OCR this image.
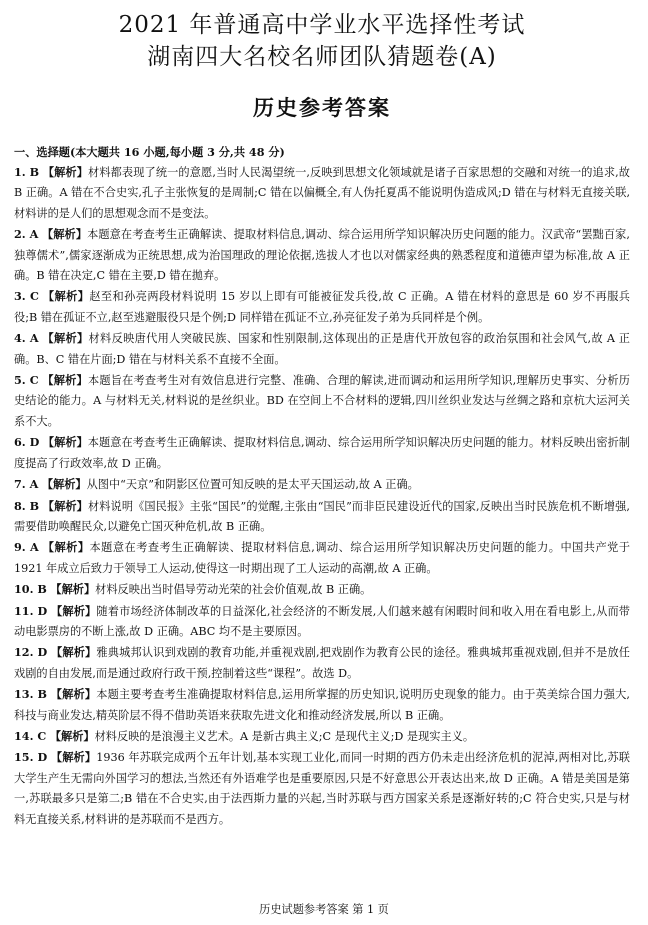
2021 年普通高中学业水平选择性考试
湖南四大名校名师团队猜题卷(A)
历史参考答案
一、选择题(本大题共 16 小题,每小题 3 分,共 48 分)
1. B 【解析】材料都表现了统一的意愿,当时人民渴望统一,反映到思想文化领域就是诸子百家思想的交融和对统一的追求,故 B 正确。A 错在不合史实,孔子主张恢复的是周制;C 错在以偏概全,有人伪托夏禹不能说明伪造成风;D 错在与材料无直接关联,材料讲的是人们的思想观念而不是变法。
2. A 【解析】本题意在考查考生正确解读、提取材料信息,调动、综合运用所学知识解决历史问题的能力。汉武帝“罢黜百家,独尊儒术”,儒家逐渐成为正统思想,成为治国理政的理论依据,选拔人才也以对儒家经典的熟悉程度和道德声望为标准,故 A 正确。B 错在决定,C 错在主要,D 错在拋弃。
3. C 【解析】赵至和孙亮两段材料说明 15 岁以上即有可能被征发兵役,故 C 正确。A 错在材料的意思是 60 岁不再服兵役;B 错在孤证不立,赵至逃避服役只是个例;D 同样错在孤证不立,孙亮征发子弟为兵同样是个例。
4. A 【解析】材料反映唐代用人突破民族、国家和性别限制,这体现出的正是唐代开放包容的政治氛围和社会风气,故 A 正确。B、C 错在片面;D 错在与材料关系不直接不全面。
5. C 【解析】本题旨在考查考生对有效信息进行完整、准确、合理的解读,进而调动和运用所学知识,理解历史事实、分析历史结论的能力。A 与材料无关,材料说的是丝织业。BD 在空间上不合材料的逻辑,四川丝织业发达与丝绸之路和京杭大运河关系不大。
6. D 【解析】本题意在考查考生正确解读、提取材料信息,调动、综合运用所学知识解决历史问题的能力。材料反映出密折制度提高了行政效率,故 D 正确。
7. A 【解析】从图中“天京”和阴影区位置可知反映的是太平天国运动,故 A 正确。
8. B 【解析】材料说明《国民报》主张“国民”的觉醒,主张由“国民”而非臣民建设近代的国家,反映出当时民族危机不断增强,需要借助唤醒民众,以避免亡国灭种危机,故 B 正确。
9. A 【解析】本题意在考查考生正确解读、提取材料信息,调动、综合运用所学知识解决历史问题的能力。中国共产党于 1921 年成立后致力于领导工人运动,使得这一时期出现了工人运动的高潮,故 A 正确。
10. B 【解析】材料反映出当时倡导劳动光荣的社会价值观,故 B 正确。
11. D 【解析】随着市场经济体制改革的日益深化,社会经济的不断发展,人们越来越有闲暇时间和收入用在看电影上,从而带动电影票房的不断上涨,故 D 正确。ABC 均不是主要原因。
12. D 【解析】雅典城邦认识到戏剧的教育功能,并重视戏剧,把戏剧作为教育公民的途径。雅典城邦重视戏剧,但并不是放任戏剧的自由发展,而是通过政府行政干预,控制着这些“课程”。故选 D。
13. B 【解析】本题主要考查考生准确提取材料信息,运用所掌握的历史知识,说明历史现象的能力。由于英美综合国力强大,科技与商业发达,精英阶层不得不借助英语来获取先进文化和推动经济发展,所以 B 正确。
14. C 【解析】材料反映的是浪漫主义艺术。A 是新古典主义;C 是现代主义;D 是现实主义。
15. D 【解析】1936 年苏联完成两个五年计划,基本实现工业化,而同一时期的西方仍未走出经济危机的泥淖,两相对比,苏联大学生产生无需向外国学习的想法,当然还有外语难学也是重要原因,只是不好意思公开表达出来,故 D 正确。A 错是美国是第一,苏联最多只是第二;B 错在不合史实,由于法西斯力量的兴起,当时苏联与西方国家关系是逐渐好转的;C 符合史实,只是与材料无直接关系,材料讲的是苏联而不是西方。
历史试题参考答案 第 1 页
